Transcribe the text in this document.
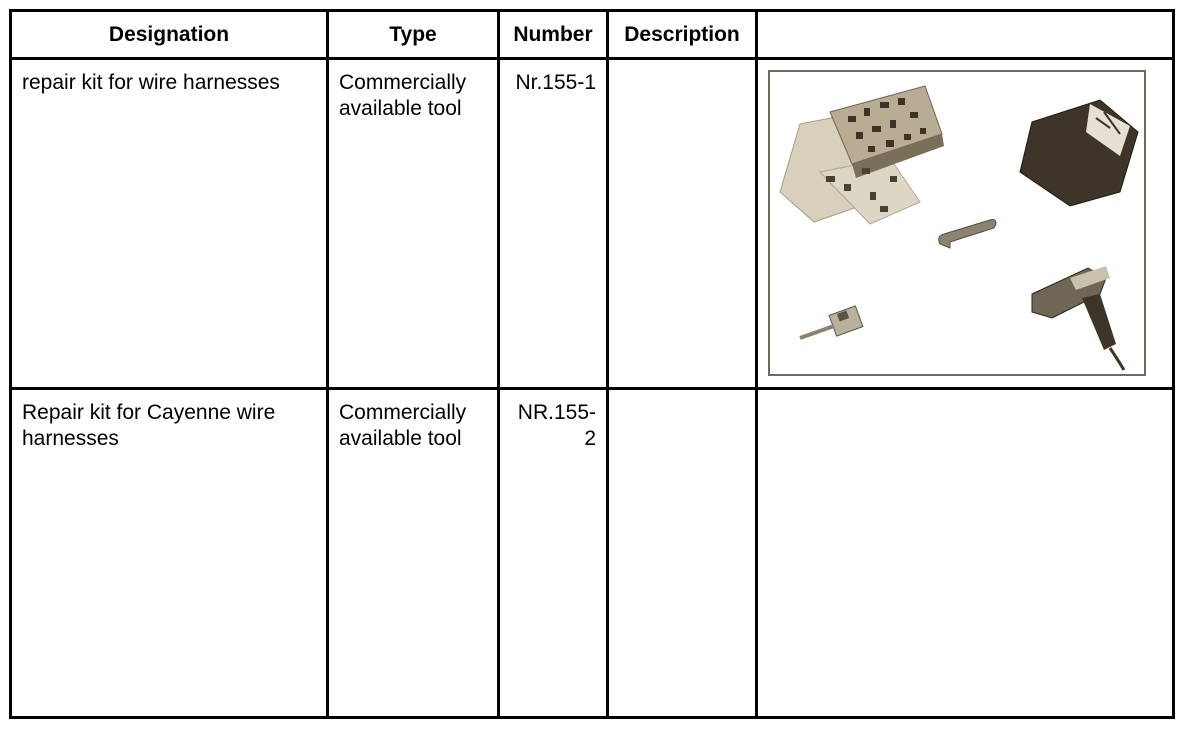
Designation	Type	Number	Description	
repair kit for wire harnesses	Commercially available tool	Nr.155-1		

Repair kit for Cayenne wire harnesses	Commercially available tool	NR.155-2		
